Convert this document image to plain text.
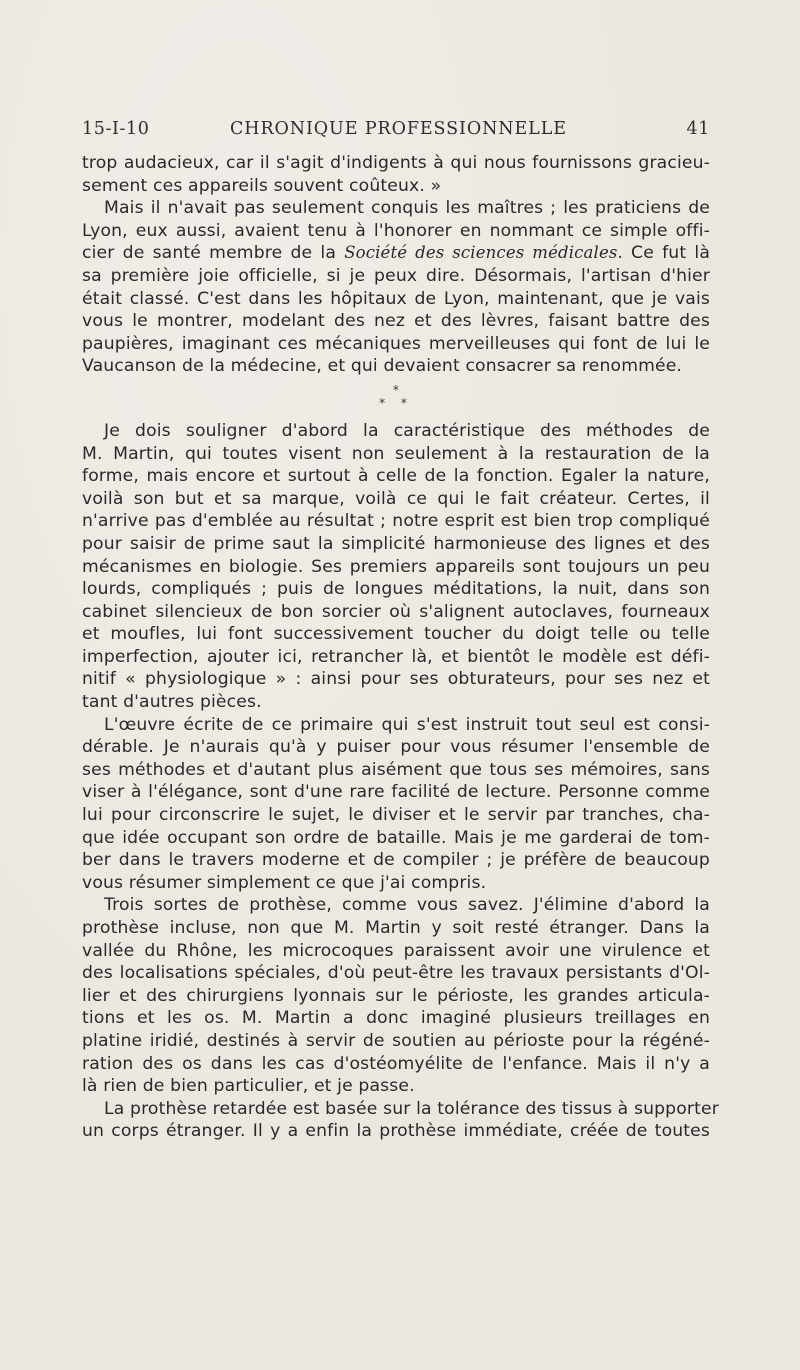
15-I-10	CHRONIQUE PROFESSIONNELLE	41
trop audacieux, car il s'agit d'indigents à qui nous fournissons gracieu-
sement ces appareils souvent coûteux. »
Mais il n'avait pas seulement conquis les maîtres ; les praticiens de
Lyon, eux aussi, avaient tenu à l'honorer en nommant ce simple offi-
cier de santé membre de la Société des sciences médicales. Ce fut là
sa première joie officielle, si je peux dire. Désormais, l'artisan d'hier
était classé. C'est dans les hôpitaux de Lyon, maintenant, que je vais
vous le montrer, modelant des nez et des lèvres, faisant battre des
paupières, imaginant ces mécaniques merveilleuses qui font de lui le
Vaucanson de la médecine, et qui devaient consacrer sa renommée.
*
* *
Je dois souligner d'abord la caractéristique des méthodes de
M. Martin, qui toutes visent non seulement à la restauration de la
forme, mais encore et surtout à celle de la fonction. Egaler la nature,
voilà son but et sa marque, voilà ce qui le fait créateur. Certes, il
n'arrive pas d'emblée au résultat ; notre esprit est bien trop compliqué
pour saisir de prime saut la simplicité harmonieuse des lignes et des
mécanismes en biologie. Ses premiers appareils sont toujours un peu
lourds, compliqués ; puis de longues méditations, la nuit, dans son
cabinet silencieux de bon sorcier où s'alignent autoclaves, fourneaux
et moufles, lui font successivement toucher du doigt telle ou telle
imperfection, ajouter ici, retrancher là, et bientôt le modèle est défi-
nitif « physiologique » : ainsi pour ses obturateurs, pour ses nez et
tant d'autres pièces.
L'œuvre écrite de ce primaire qui s'est instruit tout seul est consi-
dérable. Je n'aurais qu'à y puiser pour vous résumer l'ensemble de
ses méthodes et d'autant plus aisément que tous ses mémoires, sans
viser à l'élégance, sont d'une rare facilité de lecture. Personne comme
lui pour circonscrire le sujet, le diviser et le servir par tranches, cha-
que idée occupant son ordre de bataille. Mais je me garderai de tom-
ber dans le travers moderne et de compiler ; je préfère de beaucoup
vous résumer simplement ce que j'ai compris.
Trois sortes de prothèse, comme vous savez. J'élimine d'abord la
prothèse incluse, non que M. Martin y soit resté étranger. Dans la
vallée du Rhône, les microcoques paraissent avoir une virulence et
des localisations spéciales, d'où peut-être les travaux persistants d'Ol-
lier et des chirurgiens lyonnais sur le périoste, les grandes articula-
tions et les os. M. Martin a donc imaginé plusieurs treillages en
platine iridié, destinés à servir de soutien au périoste pour la régéné-
ration des os dans les cas d'ostéomyélite de l'enfance. Mais il n'y a
là rien de bien particulier, et je passe.
La prothèse retardée est basée sur la tolérance des tissus à supporter
un corps étranger. Il y a enfin la prothèse immédiate, créée de toutes
